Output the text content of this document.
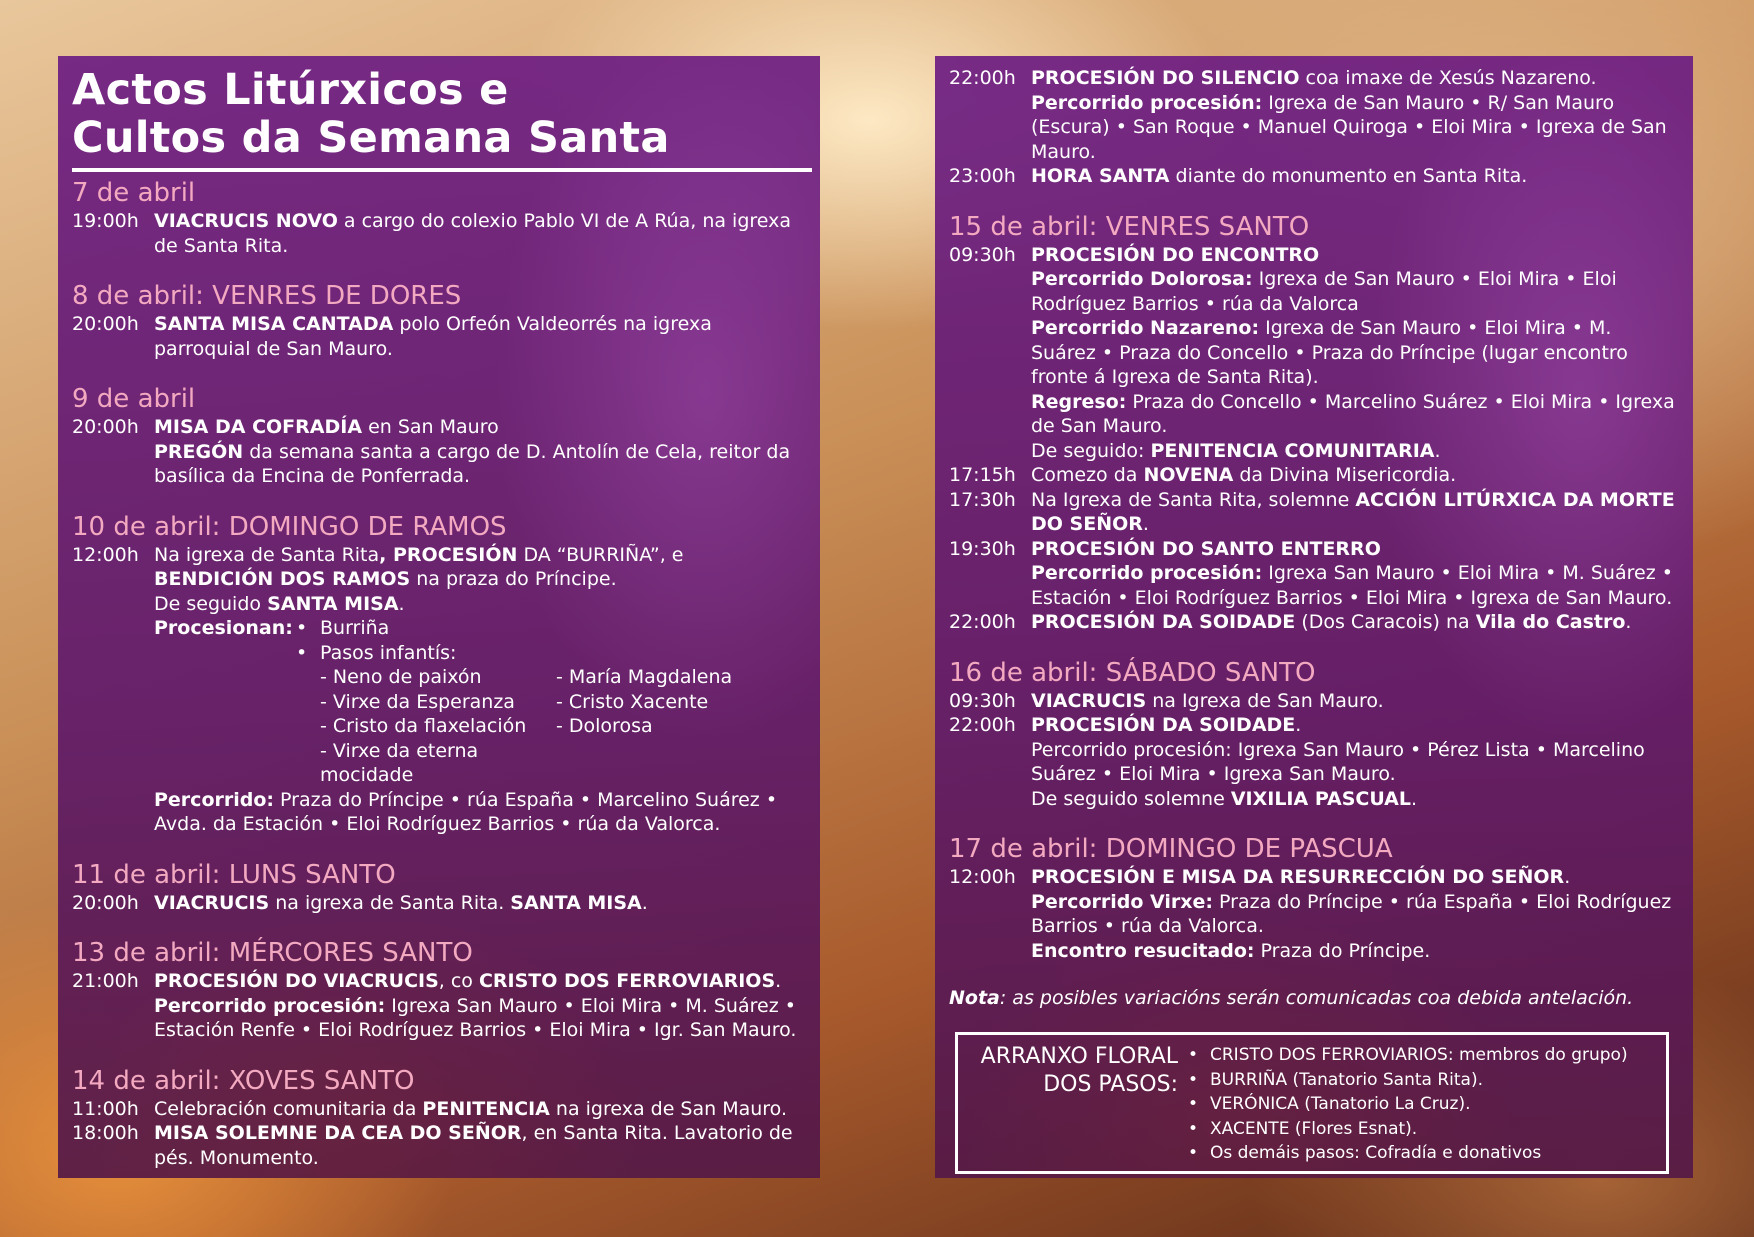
Actos Litúrxicos e
Cultos da Semana Santa
7 de abril
19:00h VIACRUCIS NOVO a cargo do colexio Pablo VI de A Rúa, na igrexa de Santa Rita.
8 de abril: VENRES DE DORES
20:00h SANTA MISA CANTADA polo Orfeón Valdeorrés na igrexa parroquial de San Mauro.
9 de abril
20:00h MISA DA COFRADÍA en San Mauro
PREGÓN da semana santa a cargo de D. Antolín de Cela, reitor da basílica da Encina de Ponferrada.
10 de abril: DOMINGO DE RAMOS
12:00h Na igrexa de Santa Rita, PROCESIÓN DA “BURRIÑA”, e BENDICIÓN DOS RAMOS na praza do Príncipe.
De seguido SANTA MISA.
Procesionan: • Burriña
• Pasos infantís:
- Neno de paixón	- María Magdalena
- Virxe da Esperanza	- Cristo Xacente
- Cristo da flaxelación	- Dolorosa
- Virxe da eterna mocidade
Percorrido: Praza do Príncipe • rúa España • Marcelino Suárez • Avda. da Estación • Eloi Rodríguez Barrios • rúa da Valorca.
11 de abril: LUNS SANTO
20:00h VIACRUCIS na igrexa de Santa Rita. SANTA MISA.
13 de abril: MÉRCORES SANTO
21:00h PROCESIÓN DO VIACRUCIS, co CRISTO DOS FERROVIARIOS.
Percorrido procesión: Igrexa San Mauro • Eloi Mira • M. Suárez • Estación Renfe • Eloi Rodríguez Barrios • Eloi Mira • Igr. San Mauro.
14 de abril: XOVES SANTO
11:00h Celebración comunitaria da PENITENCIA na igrexa de San Mauro.
18:00h MISA SOLEMNE DA CEA DO SEÑOR, en Santa Rita. Lavatorio de pés. Monumento.
22:00h PROCESIÓN DO SILENCIO coa imaxe de Xesús Nazareno.
Percorrido procesión: Igrexa de San Mauro • R/ San Mauro (Escura) • San Roque • Manuel Quiroga • Eloi Mira • Igrexa de San Mauro.
23:00h HORA SANTA diante do monumento en Santa Rita.
15 de abril: VENRES SANTO
09:30h PROCESIÓN DO ENCONTRO
Percorrido Dolorosa: Igrexa de San Mauro • Eloi Mira • Eloi Rodríguez Barrios • rúa da Valorca
Percorrido Nazareno: Igrexa de San Mauro • Eloi Mira • M. Suárez • Praza do Concello • Praza do Príncipe (lugar encontro fronte á Igrexa de Santa Rita).
Regreso: Praza do Concello • Marcelino Suárez • Eloi Mira • Igrexa de San Mauro.
De seguido: PENITENCIA COMUNITARIA.
17:15h Comezo da NOVENA da Divina Misericordia.
17:30h Na Igrexa de Santa Rita, solemne ACCIÓN LITÚRXICA DA MORTE DO SEÑOR.
19:30h PROCESIÓN DO SANTO ENTERRO
Percorrido procesión: Igrexa San Mauro • Eloi Mira • M. Suárez • Estación • Eloi Rodríguez Barrios • Eloi Mira • Igrexa de San Mauro.
22:00h PROCESIÓN DA SOIDADE (Dos Caracois) na Vila do Castro.
16 de abril: SÁBADO SANTO
09:30h VIACRUCIS na Igrexa de San Mauro.
22:00h PROCESIÓN DA SOIDADE.
Percorrido procesión: Igrexa San Mauro • Pérez Lista • Marcelino Suárez • Eloi Mira • Igrexa San Mauro.
De seguido solemne VIXILIA PASCUAL.
17 de abril: DOMINGO DE PASCUA
12:00h PROCESIÓN E MISA DA RESURRECCIÓN DO SEÑOR.
Percorrido Virxe: Praza do Príncipe • rúa España • Eloi Rodríguez Barrios • rúa da Valorca.
Encontro resucitado: Praza do Príncipe.
Nota: as posibles variacións serán comunicadas coa debida antelación.
ARRANXO FLORAL
DOS PASOS:
• CRISTO DOS FERROVIARIOS: membros do grupo)
• BURRIÑA (Tanatorio Santa Rita).
• VERÓNICA (Tanatorio La Cruz).
• XACENTE (Flores Esnat).
• Os demáis pasos: Cofradía e donativos
